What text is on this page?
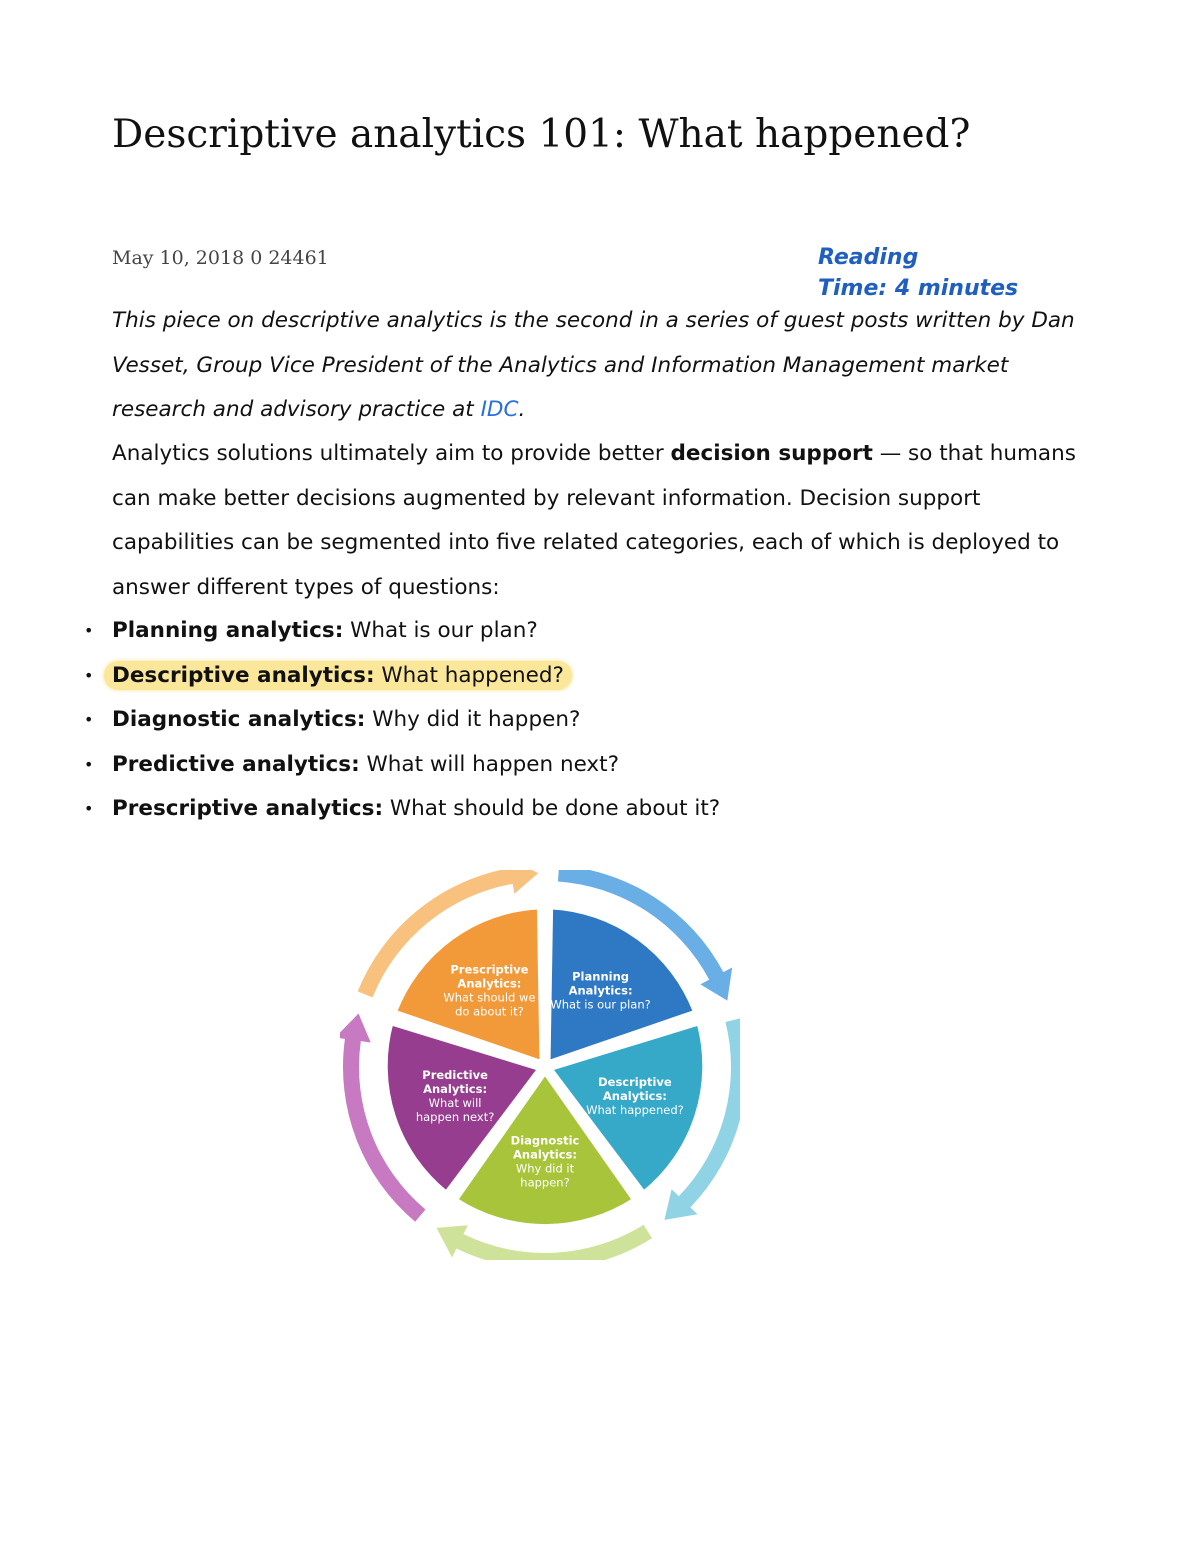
Descriptive analytics 101: What happened?
May 10, 2018 0 24461	Reading
Time: 4 minutes

This piece on descriptive analytics is the second in a series of guest posts written by Dan Vesset, Group Vice President of the Analytics and Information Management market research and advisory practice at IDC.

Analytics solutions ultimately aim to provide better decision support — so that humans can make better decisions augmented by relevant information. Decision support capabilities can be segmented into five related categories, each of which is deployed to answer different types of questions:

• Planning analytics: What is our plan?
• Descriptive analytics: What happened?
• Diagnostic analytics: Why did it happen?
• Predictive analytics: What will happen next?
• Prescriptive analytics: What should be done about it?
Planning
Analytics:
What is our plan?
Descriptive
Analytics:
What happened?
Diagnostic
Analytics:
Why did it
happen?
Predictive
Analytics:
What will
happen next?
Prescriptive
Analytics:
What should we
do about it?
